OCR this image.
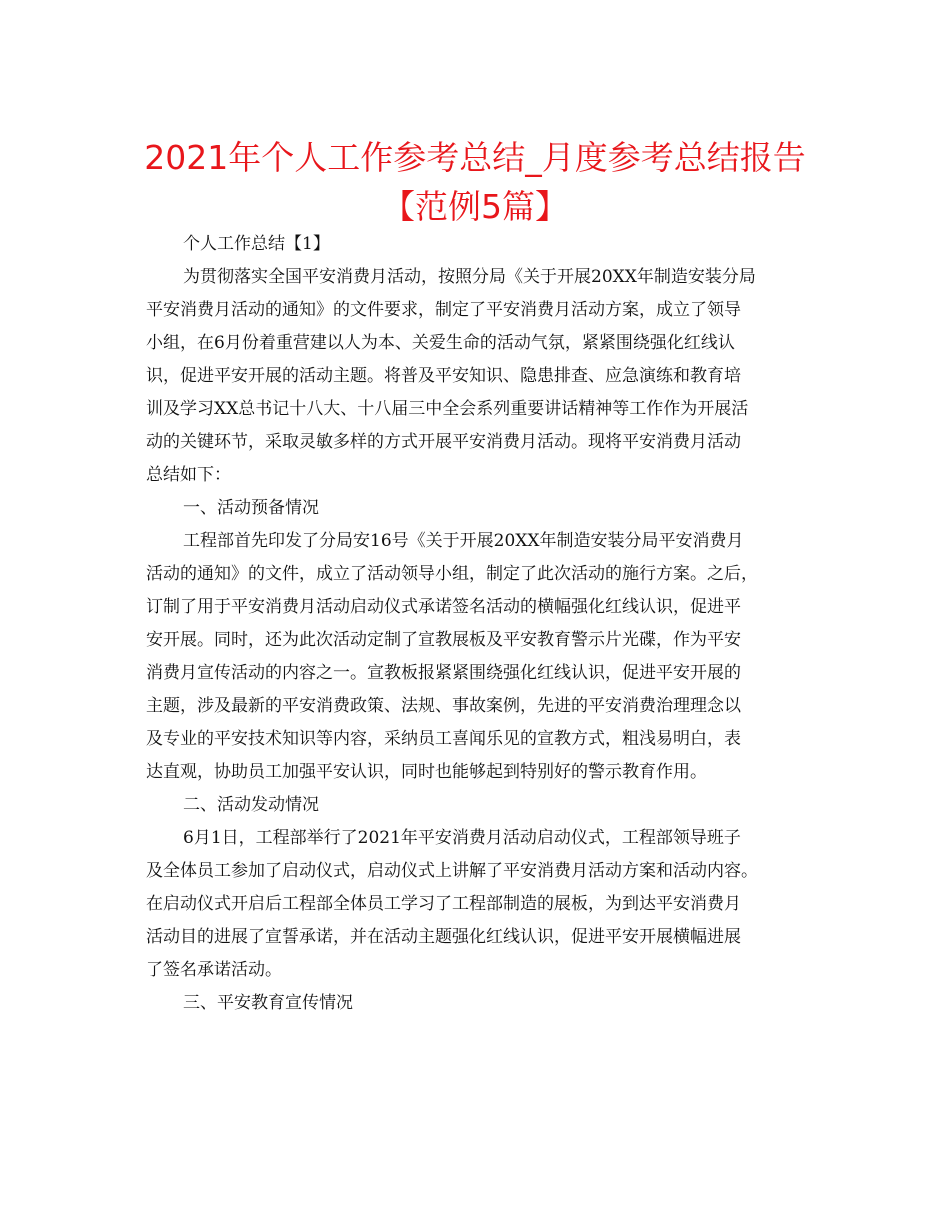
2021年个人工作参考总结_月度参考总结报告
【范例5篇】
个人工作总结【1】
为贯彻落实全国平安消费月活动，按照分局《关于开展20XX年制造安装分局
平安消费月活动的通知》的文件要求，制定了平安消费月活动方案，成立了领导
小组，在6月份着重营建以人为本、关爱生命的活动气氛，紧紧围绕强化红线认
识，促进平安开展的活动主题。将普及平安知识、隐患排查、应急演练和教育培
训及学习XX总书记十八大、十八届三中全会系列重要讲话精神等工作作为开展活
动的关键环节，采取灵敏多样的方式开展平安消费月活动。现将平安消费月活动
总结如下：
一、活动预备情况
工程部首先印发了分局安16号《关于开展20XX年制造安装分局平安消费月
活动的通知》的文件，成立了活动领导小组，制定了此次活动的施行方案。之后，
订制了用于平安消费月活动启动仪式承诺签名活动的横幅强化红线认识，促进平
安开展。同时，还为此次活动定制了宣教展板及平安教育警示片光碟，作为平安
消费月宣传活动的内容之一。宣教板报紧紧围绕强化红线认识，促进平安开展的
主题，涉及最新的平安消费政策、法规、事故案例，先进的平安消费治理理念以
及专业的平安技术知识等内容，采纳员工喜闻乐见的宣教方式，粗浅易明白，表
达直观，协助员工加强平安认识，同时也能够起到特别好的警示教育作用。
二、活动发动情况
6月1日，工程部举行了2021年平安消费月活动启动仪式，工程部领导班子
及全体员工参加了启动仪式，启动仪式上讲解了平安消费月活动方案和活动内容。
在启动仪式开启后工程部全体员工学习了工程部制造的展板，为到达平安消费月
活动目的进展了宣誓承诺，并在活动主题强化红线认识，促进平安开展横幅进展
了签名承诺活动。
三、平安教育宣传情况
